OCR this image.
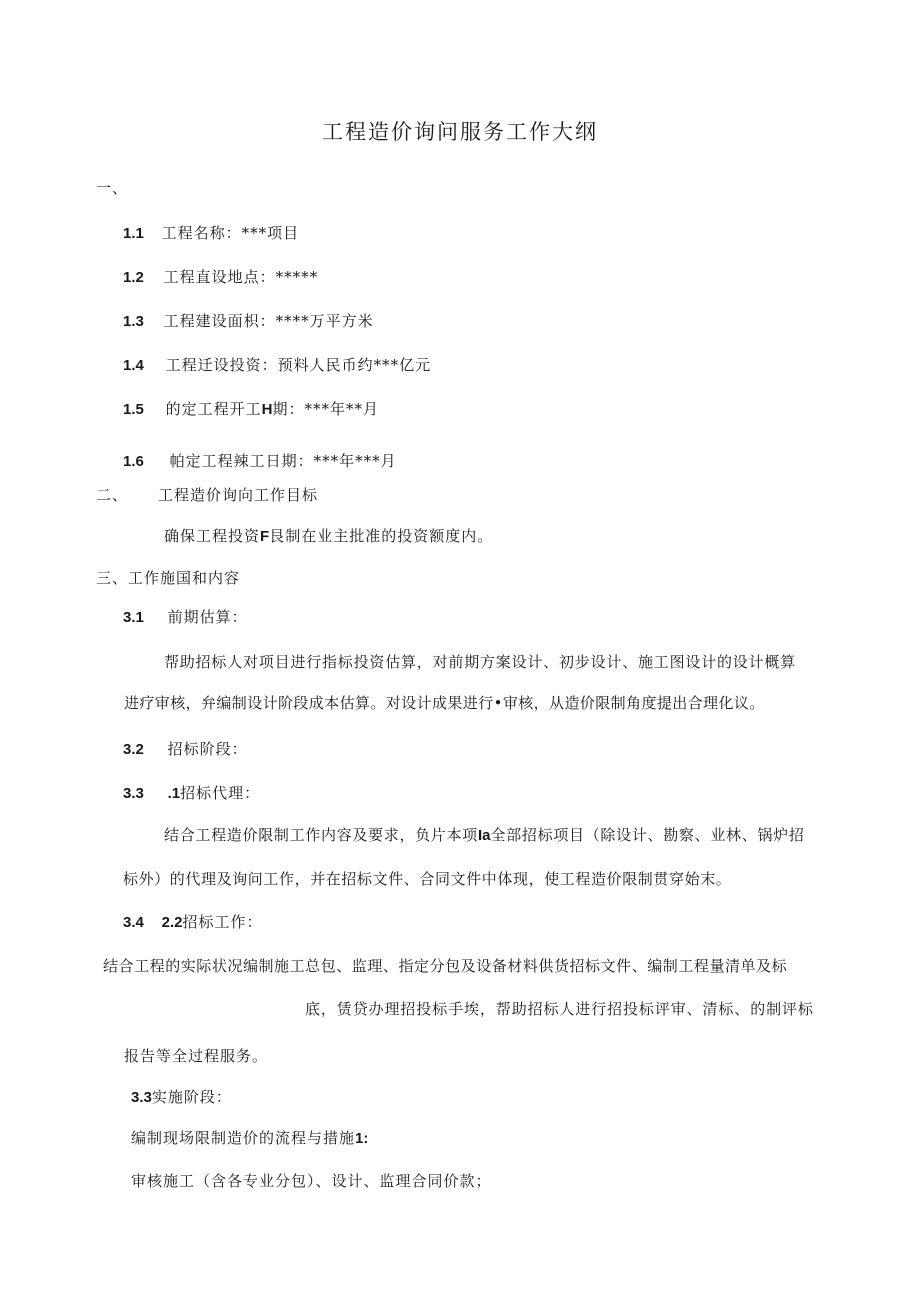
工程造价询问服务工作大纲
一、
1.1 工程名称：***项目
1.2 工程直设地点：*****
1.3 工程建设面枳：****万平方米
1.4 工程迁设投资：预料人民币约***亿元
1.5 的定工程开工H期：***年**月
1.6 帕定工程辣工日期：***年***月
二、 工程造价询向工作目标
确保工程投资F艮制在业主批准的投资额度内。
三、工作施国和内容
3.1 前期估算：
帮助招标人对项目进行指标投资估算，对前期方案设计、初步设计、施工图设计的设计概算
进疗审核，弁编制设计阶段成本估算。对设计成果进行•审核，从造价限制角度提出合理化议。
3.2 招标阶段：
3.3 .1招标代理：
结合工程造价限制工作内容及要求，负片本项Ia全部招标项目（除设计、勘察、业林、锅炉招
标外）的代理及询问工作，并在招标文件、合同文件中体现，使工程造价限制贯穿始末。
3.4 2.2招标工作：
结合工程的实际状况编制施工总包、监理、指定分包及设备材料供货招标文件、编制工程量清单及标
底，赁贷办理招投标手埃，帮助招标人进行招投标评审、清标、的制评标
报告等全过程服务。
3.3实施阶段：
编制现场限制造价的流程与措施1:
审核施工（含各专业分包）、设计、监理合同价款；
